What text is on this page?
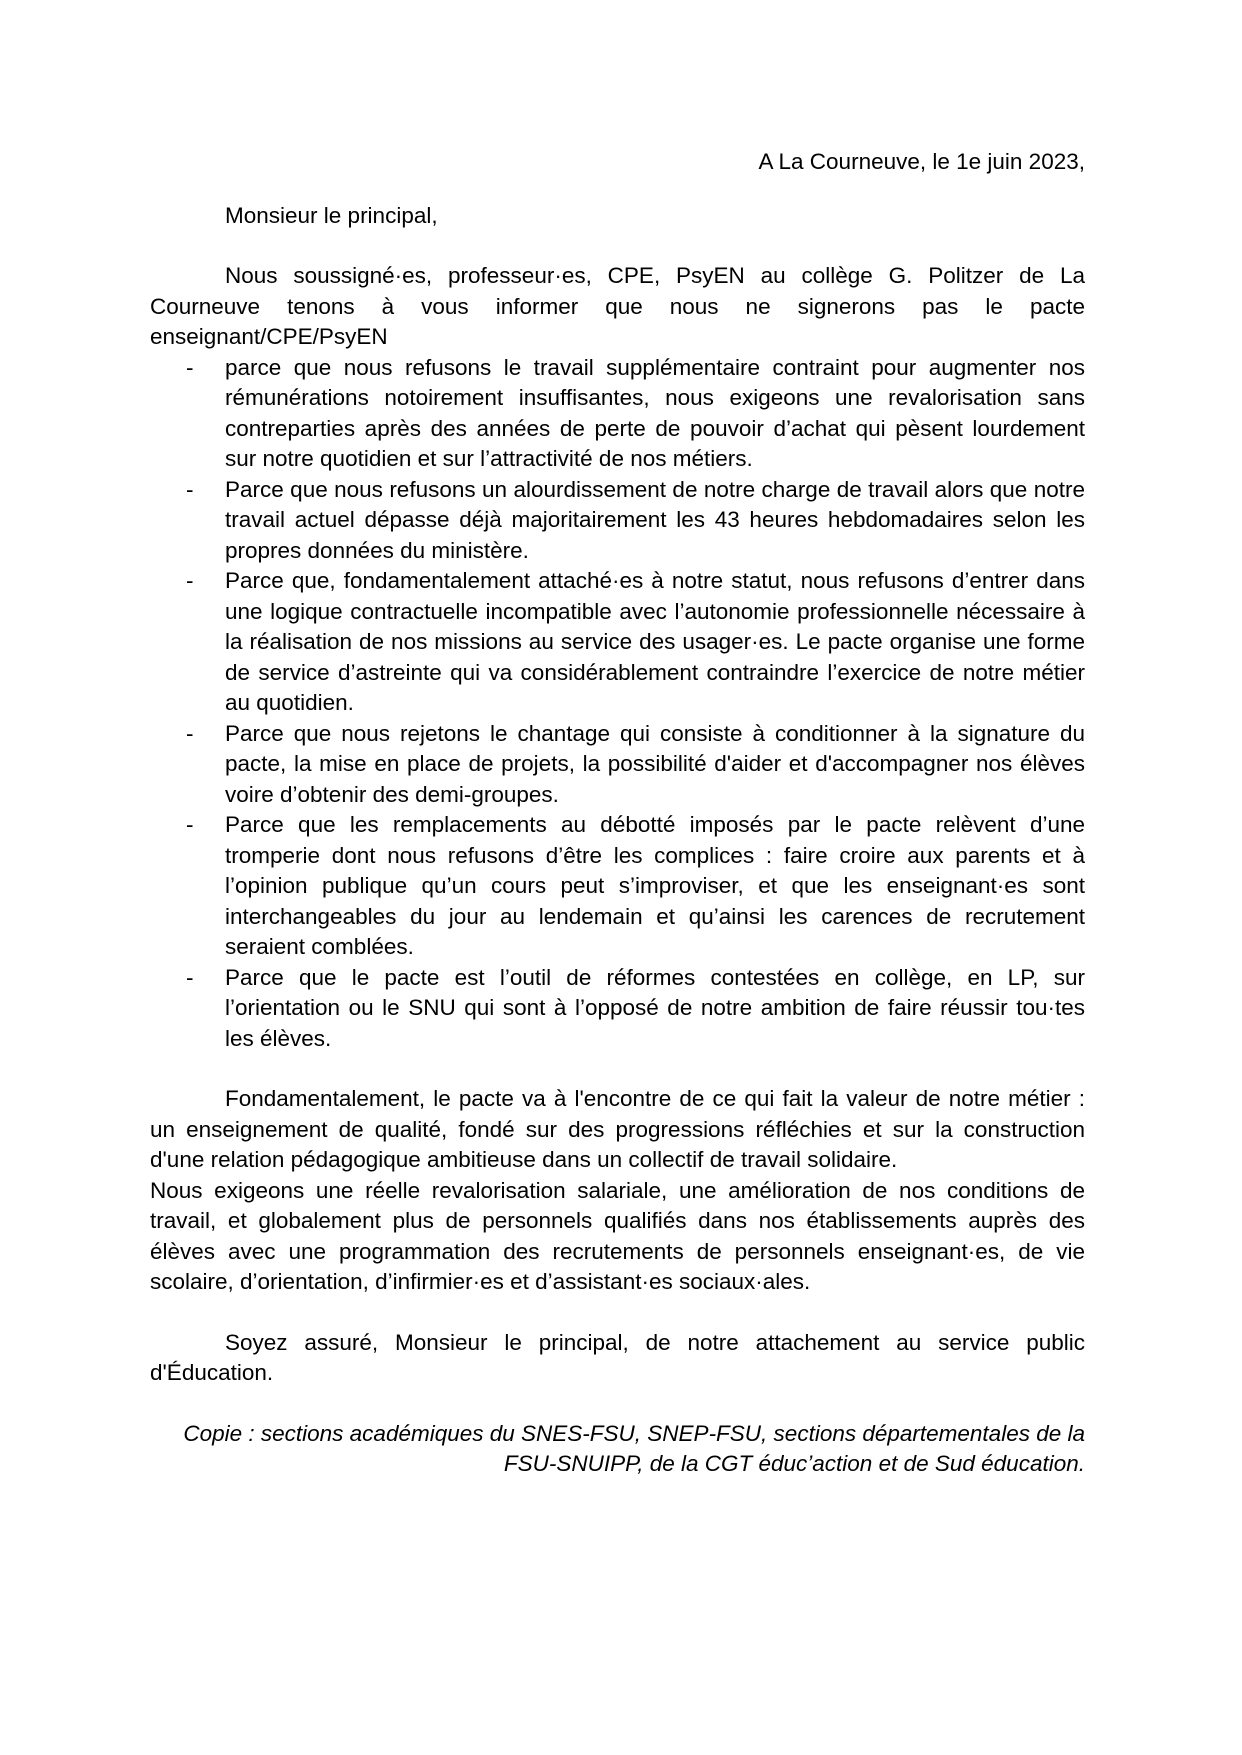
A La Courneuve, le 1e juin 2023,

Monsieur le principal,

Nous soussigné·es, professeur·es, CPE, PsyEN au collège G. Politzer de La Courneuve tenons à vous informer que nous ne signerons pas le pacte enseignant/CPE/PsyEN

- parce que nous refusons le travail supplémentaire contraint pour augmenter nos rémunérations notoirement insuffisantes, nous exigeons une revalorisation sans contreparties après des années de perte de pouvoir d’achat qui pèsent lourdement sur notre quotidien et sur l’attractivité de nos métiers.
- Parce que nous refusons un alourdissement de notre charge de travail alors que notre travail actuel dépasse déjà majoritairement les 43 heures hebdomadaires selon les propres données du ministère.
- Parce que, fondamentalement attaché·es à notre statut, nous refusons d’entrer dans une logique contractuelle incompatible avec l’autonomie professionnelle nécessaire à la réalisation de nos missions au service des usager·es. Le pacte organise une forme de service d’astreinte qui va considérablement contraindre l’exercice de notre métier au quotidien.
- Parce que nous rejetons le chantage qui consiste à conditionner à la signature du pacte, la mise en place de projets, la possibilité d'aider et d'accompagner nos élèves voire d’obtenir des demi-groupes.
- Parce que les remplacements au débotté imposés par le pacte relèvent d’une tromperie dont nous refusons d’être les complices : faire croire aux parents et à l’opinion publique qu’un cours peut s’improviser, et que les enseignant·es sont interchangeables du jour au lendemain et qu’ainsi les carences de recrutement seraient comblées.
- Parce que le pacte est l’outil de réformes contestées en collège, en LP, sur l’orientation ou le SNU qui sont à l’opposé de notre ambition de faire réussir tou·tes les élèves.

Fondamentalement, le pacte va à l'encontre de ce qui fait la valeur de notre métier : un enseignement de qualité, fondé sur des progressions réfléchies et sur la construction d'une relation pédagogique ambitieuse dans un collectif de travail solidaire.

Nous exigeons une réelle revalorisation salariale, une amélioration de nos conditions de travail, et globalement plus de personnels qualifiés dans nos établissements auprès des élèves avec une programmation des recrutements de personnels enseignant·es, de vie scolaire, d’orientation, d’infirmier·es et d’assistant·es sociaux·ales.

Soyez assuré, Monsieur le principal, de notre attachement au service public d'Éducation.

Copie : sections académiques du SNES-FSU, SNEP-FSU, sections départementales de la
FSU-SNUIPP, de la CGT éduc’action et de Sud éducation.
